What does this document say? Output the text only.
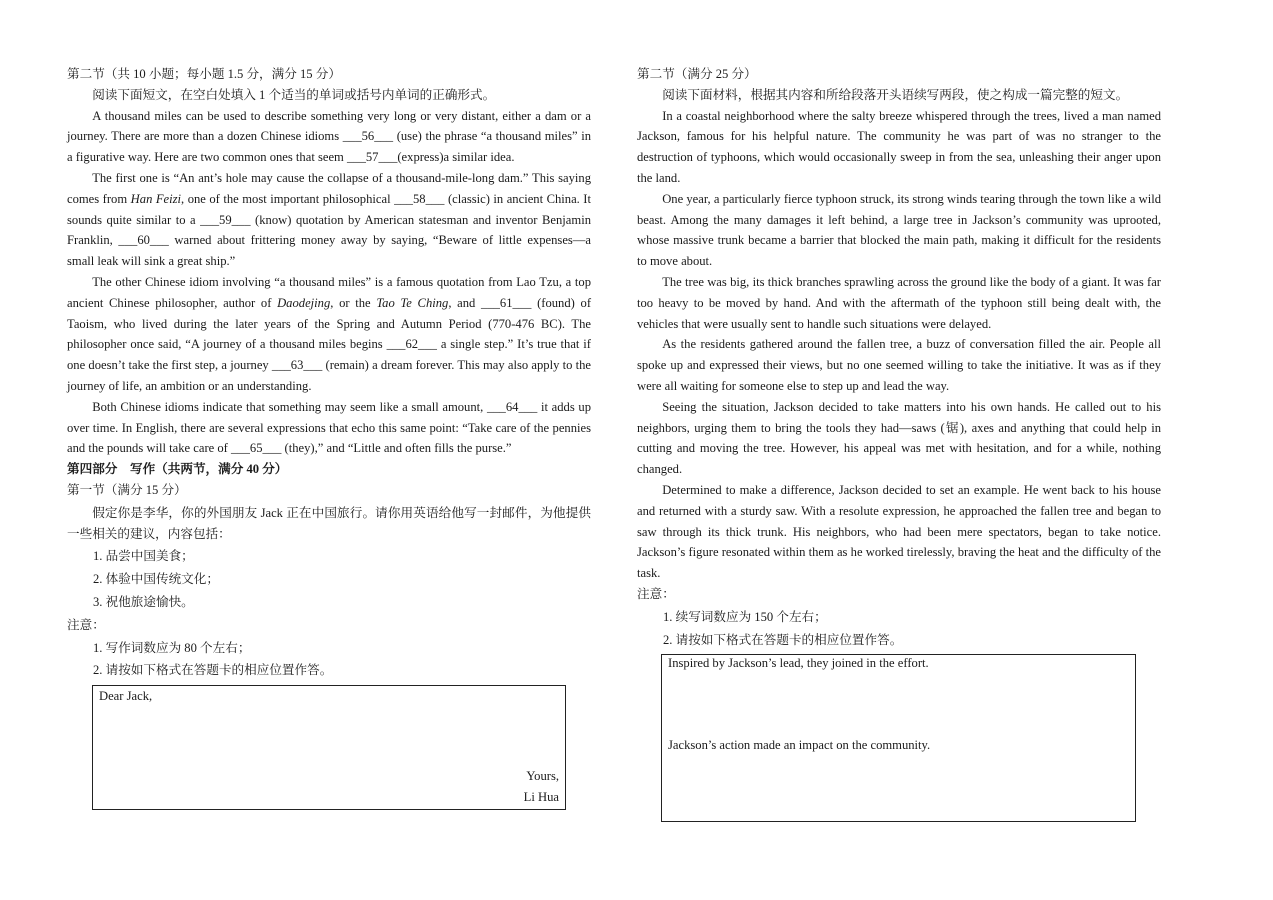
第二节（共 10 小题；每小题 1.5 分，满分 15 分）

阅读下面短文，在空白处填入 1 个适当的单词或括号内单词的正确形式。

A thousand miles can be used to describe something very long or very distant, either a dam or a journey. There are more than a dozen Chinese idioms ___56___ (use) the phrase “a thousand miles” in a figurative way. Here are two common ones that seem ___57___(express)a similar idea.

The first one is “An ant’s hole may cause the collapse of a thousand-mile-long dam.” This saying comes from Han Feizi, one of the most important philosophical ___58___ (classic) in ancient China. It sounds quite similar to a ___59___ (know) quotation by American statesman and inventor Benjamin Franklin, ___60___ warned about frittering money away by saying, “Beware of little expenses—a small leak will sink a great ship.”

The other Chinese idiom involving “a thousand miles” is a famous quotation from Lao Tzu, a top ancient Chinese philosopher, author of Daodejing, or the Tao Te Ching, and ___61___ (found) of Taoism, who lived during the later years of the Spring and Autumn Period (770-476 BC). The philosopher once said, “A journey of a thousand miles begins ___62___ a single step.” It’s true that if one doesn’t take the first step, a journey ___63___ (remain) a dream forever. This may also apply to the journey of life, an ambition or an understanding.

Both Chinese idioms indicate that something may seem like a small amount, ___64___ it adds up over time. In English, there are several expressions that echo this same point: “Take care of the pennies and the pounds will take care of ___65___ (they),” and “Little and often fills the purse.”

第四部分　写作（共两节，满分 40 分）

第一节（满分 15 分）

假定你是李华，你的外国朋友 Jack 正在中国旅行。请你用英语给他写一封邮件，为他提供一些相关的建议，内容包括：

1. 品尝中国美食；

2. 体验中国传统文化；

3. 祝他旅途愉快。

注意：

1. 写作词数应为 80 个左右；

2. 请按如下格式在答题卡的相应位置作答。

Dear Jack,
Yours,
Li Hua

第二节（满分 25 分）

阅读下面材料，根据其内容和所给段落开头语续写两段，使之构成一篇完整的短文。

In a coastal neighborhood where the salty breeze whispered through the trees, lived a man named Jackson, famous for his helpful nature. The community he was part of was no stranger to the destruction of typhoons, which would occasionally sweep in from the sea, unleashing their anger upon the land.

One year, a particularly fierce typhoon struck, its strong winds tearing through the town like a wild beast. Among the many damages it left behind, a large tree in Jackson’s community was uprooted, whose massive trunk became a barrier that blocked the main path, making it difficult for the residents to move about.

The tree was big, its thick branches sprawling across the ground like the body of a giant. It was far too heavy to be moved by hand. And with the aftermath of the typhoon still being dealt with, the vehicles that were usually sent to handle such situations were delayed.

As the residents gathered around the fallen tree, a buzz of conversation filled the air. People all spoke up and expressed their views, but no one seemed willing to take the initiative. It was as if they were all waiting for someone else to step up and lead the way.

Seeing the situation, Jackson decided to take matters into his own hands. He called out to his neighbors, urging them to bring the tools they had—saws (锯), axes and anything that could help in cutting and moving the tree. However, his appeal was met with hesitation, and for a while, nothing changed.

Determined to make a difference, Jackson decided to set an example. He went back to his house and returned with a sturdy saw. With a resolute expression, he approached the fallen tree and began to saw through its thick trunk. His neighbors, who had been mere spectators, began to take notice. Jackson’s figure resonated within them as he worked tirelessly, braving the heat and the difficulty of the task.

注意：

1. 续写词数应为 150 个左右；

2. 请按如下格式在答题卡的相应位置作答。

Inspired by Jackson’s lead, they joined in the effort.
Jackson’s action made an impact on the community.
